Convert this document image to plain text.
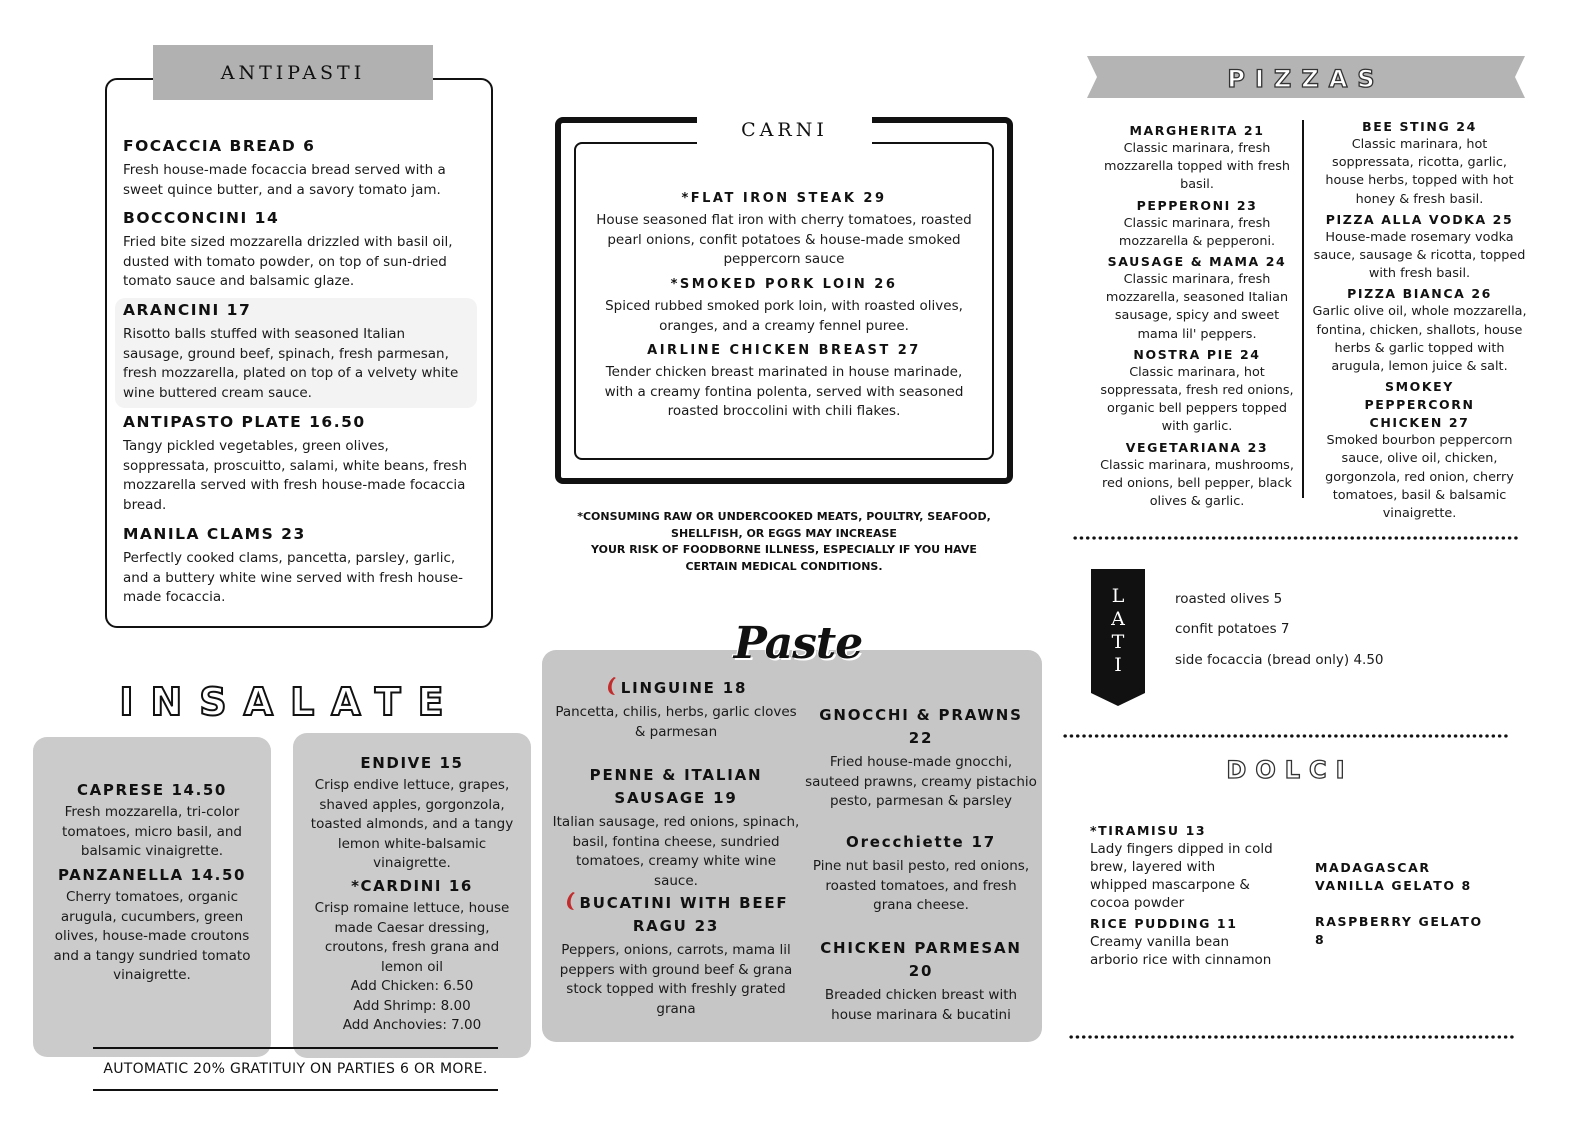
ANTIPASTI
FOCACCIA BREAD 6
Fresh house-made focaccia bread served with a sweet quince butter, and a savory tomato jam.
BOCCONCINI 14
Fried bite sized mozzarella drizzled with basil oil, dusted with tomato powder, on top of sun-dried tomato sauce and balsamic glaze.
ARANCINI 17
Risotto balls stuffed with seasoned Italian sausage, ground beef, spinach, fresh parmesan, fresh mozzarella, plated on top of a velvety white wine buttered cream sauce.
ANTIPASTO PLATE 16.50
Tangy pickled vegetables, green olives, soppressata, proscuitto, salami, white beans, fresh mozzarella served with fresh house-made focaccia bread.
MANILA CLAMS 23
Perfectly cooked clams, pancetta, parsley, garlic, and a buttery white wine served with fresh house-made focaccia.
CARNI
*FLAT IRON STEAK 29
House seasoned flat iron with cherry tomatoes, roasted pearl onions, confit potatoes & house-made smoked peppercorn sauce
*SMOKED PORK LOIN 26
Spiced rubbed smoked pork loin, with roasted olives, oranges, and a creamy fennel puree.
AIRLINE CHICKEN BREAST 27
Tender chicken breast marinated in house marinade, with a creamy fontina polenta, served with seasoned roasted broccolini with chili flakes.
*CONSUMING RAW OR UNDERCOOKED MEATS, POULTRY, SEAFOOD,
SHELLFISH, OR EGGS MAY INCREASE
YOUR RISK OF FOODBORNE ILLNESS, ESPECIALLY IF YOU HAVE
CERTAIN MEDICAL CONDITIONS.
Paste
LINGUINE 18
Pancetta, chilis, herbs, garlic cloves & parmesan
PENNE & ITALIAN SAUSAGE 19
Italian sausage, red onions, spinach, basil, fontina cheese, sundried tomatoes, creamy white wine sauce.
BUCATINI WITH BEEF RAGU 23
Peppers, onions, carrots, mama lil peppers with ground beef & grana stock topped with freshly grated grana
GNOCCHI & PRAWNS 22
Fried house-made gnocchi, sauteed prawns, creamy pistachio pesto, parmesan & parsley
Orecchiette 17
Pine nut basil pesto, red onions, roasted tomatoes, and fresh grana cheese.
CHICKEN PARMESAN 20
Breaded chicken breast with house marinara & bucatini
INSALATE
CAPRESE 14.50
Fresh mozzarella, tri-color tomatoes, micro basil, and balsamic vinaigrette.
PANZANELLA 14.50
Cherry tomatoes, organic arugula, cucumbers, green olives, house-made croutons and a tangy sundried tomato vinaigrette.
ENDIVE 15
Crisp endive lettuce, grapes, shaved apples, gorgonzola, toasted almonds, and a tangy lemon white-balsamic vinaigrette.
*CARDINI 16
Crisp romaine lettuce, house made Caesar dressing, croutons, fresh grana and lemon oil
Add Chicken: 6.50
Add Shrimp: 8.00
Add Anchovies: 7.00
AUTOMATIC 20% GRATITUIY ON PARTIES 6 OR MORE.
PIZZAS
MARGHERITA 21
Classic marinara, fresh mozzarella topped with fresh basil.
PEPPERONI 23
Classic marinara, fresh mozzarella & pepperoni.
SAUSAGE & MAMA 24
Classic marinara, fresh mozzarella, seasoned Italian sausage, spicy and sweet mama lil' peppers.
NOSTRA PIE 24
Classic marinara, hot soppressata, fresh red onions, organic bell peppers topped with garlic.
VEGETARIANA 23
Classic marinara, mushrooms, red onions, bell pepper, black olives & garlic.
BEE STING 24
Classic marinara, hot soppressata, ricotta, garlic, house herbs, topped with hot honey & fresh basil.
PIZZA ALLA VODKA 25
House-made rosemary vodka sauce, sausage & ricotta, topped with fresh basil.
PIZZA BIANCA 26
Garlic olive oil, whole mozzarella, fontina, chicken, shallots, house herbs & garlic topped with arugula, lemon juice & salt.
SMOKEY PEPPERCORN CHICKEN 27
Smoked bourbon peppercorn sauce, olive oil, chicken, gorgonzola, red onion, cherry tomatoes, basil & balsamic vinaigrette.
L
A
T
I
roasted olives 5
confit potatoes 7
side focaccia (bread only) 4.50
DOLCI
*TIRAMISU 13
Lady fingers dipped in cold brew, layered with whipped mascarpone & cocoa powder
RICE PUDDING 11
Creamy vanilla bean arborio rice with cinnamon
MADAGASCAR VANILLA GELATO 8
RASPBERRY GELATO 8
